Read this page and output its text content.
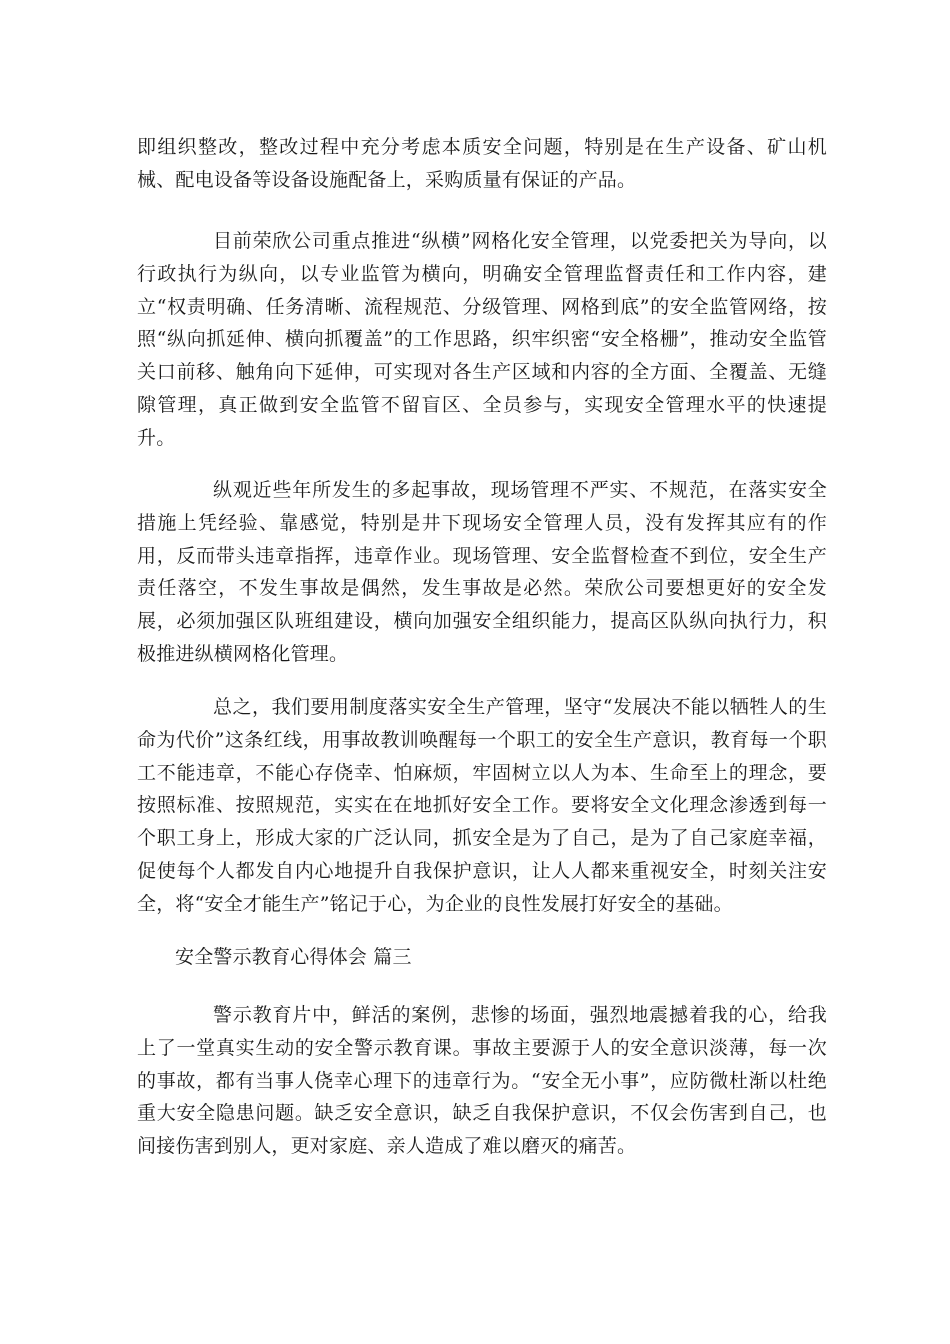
即组织整改，整改过程中充分考虑本质安全问题，特别是在生产设备、矿山机械、配电设备等设备设施配备上，采购质量有保证的产品。

目前荣欣公司重点推进“纵横”网格化安全管理，以党委把关为导向，以行政执行为纵向，以专业监管为横向，明确安全管理监督责任和工作内容，建立“权责明确、任务清晰、流程规范、分级管理、网格到底”的安全监管网络，按照“纵向抓延伸、横向抓覆盖”的工作思路，织牢织密“安全格栅”，推动安全监管关口前移、触角向下延伸，可实现对各生产区域和内容的全方面、全覆盖、无缝隙管理，真正做到安全监管不留盲区、全员参与，实现安全管理水平的快速提升。

纵观近些年所发生的多起事故，现场管理不严实、不规范，在落实安全措施上凭经验、靠感觉，特别是井下现场安全管理人员，没有发挥其应有的作用，反而带头违章指挥，违章作业。现场管理、安全监督检查不到位，安全生产责任落空，不发生事故是偶然，发生事故是必然。荣欣公司要想更好的安全发展，必须加强区队班组建设，横向加强安全组织能力，提高区队纵向执行力，积极推进纵横网格化管理。

总之，我们要用制度落实安全生产管理，坚守“发展决不能以牺牲人的生命为代价”这条红线，用事故教训唤醒每一个职工的安全生产意识，教育每一个职工不能违章，不能心存侥幸、怕麻烦，牢固树立以人为本、生命至上的理念，要按照标准、按照规范，实实在在地抓好安全工作。要将安全文化理念渗透到每一个职工身上，形成大家的广泛认同，抓安全是为了自己，是为了自己家庭幸福，促使每个人都发自内心地提升自我保护意识，让人人都来重视安全，时刻关注安全，将“安全才能生产”铭记于心，为企业的良性发展打好安全的基础。

安全警示教育心得体会 篇三

警示教育片中，鲜活的案例，悲惨的场面，强烈地震撼着我的心，给我上了一堂真实生动的安全警示教育课。事故主要源于人的安全意识淡薄，每一次的事故，都有当事人侥幸心理下的违章行为。“安全无小事”，应防微杜渐以杜绝重大安全隐患问题。缺乏安全意识，缺乏自我保护意识，不仅会伤害到自己，也间接伤害到别人，更对家庭、亲人造成了难以磨灭的痛苦。
